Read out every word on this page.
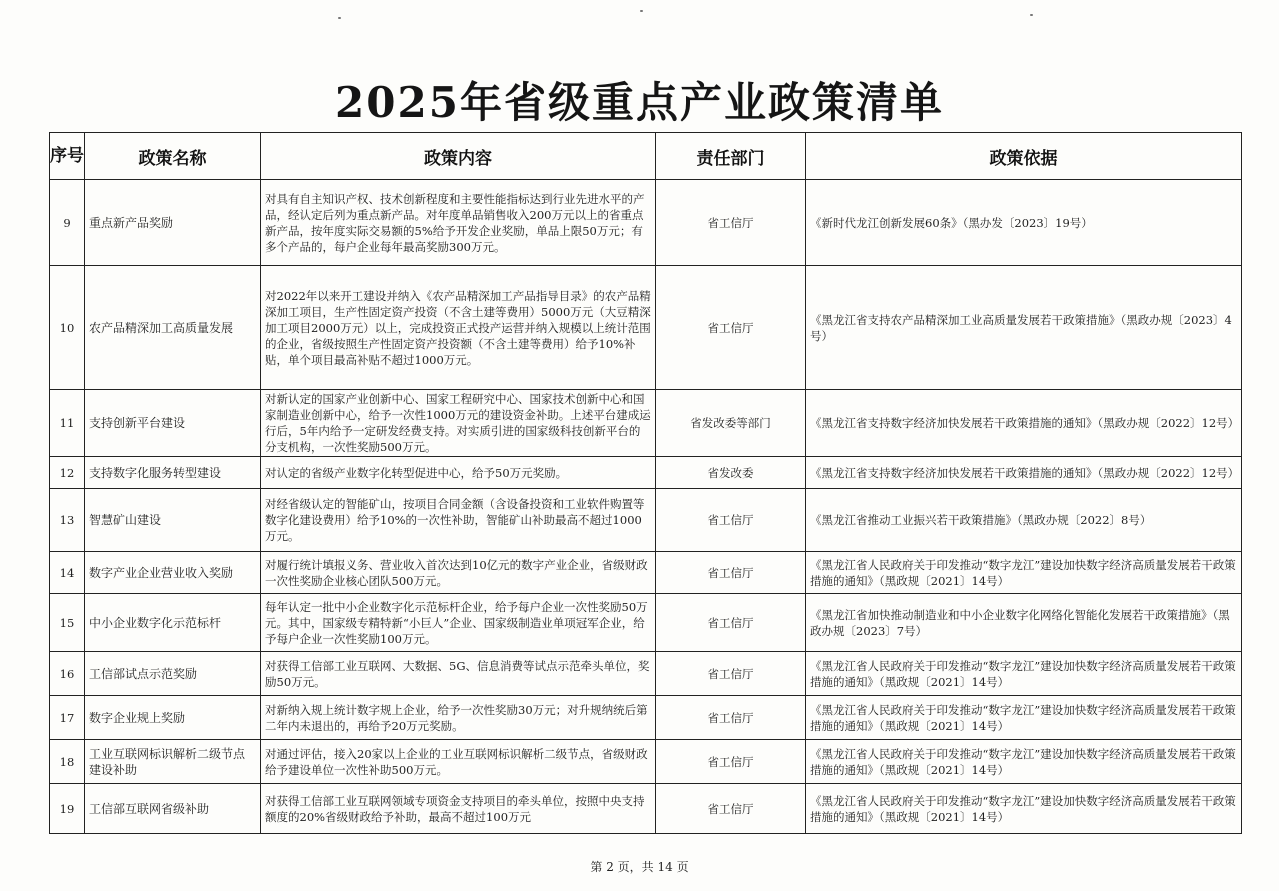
2025年省级重点产业政策清单
序号	政策名称	政策内容	责任部门	政策依据
9	重点新产品奖励	对具有自主知识产权、技术创新程度和主要性能指标达到行业先进水平的产品，经认定后列为重点新产品。对年度单品销售收入200万元以上的省重点新产品，按年度实际交易额的5%给予开发企业奖励，单品上限50万元；有多个产品的，每户企业每年最高奖励300万元。	省工信厅	《新时代龙江创新发展60条》（黑办发〔2023〕19号）
10	农产品精深加工高质量发展	对2022年以来开工建设并纳入《农产品精深加工产品指导目录》的农产品精深加工项目，生产性固定资产投资（不含土建等费用）5000万元（大豆精深加工项目2000万元）以上，完成投资正式投产运营并纳入规模以上统计范围的企业，省级按照生产性固定资产投资额（不含土建等费用）给予10%补贴，单个项目最高补贴不超过1000万元。	省工信厅	《黑龙江省支持农产品精深加工业高质量发展若干政策措施》（黑政办规〔2023〕4号）
11	支持创新平台建设	对新认定的国家产业创新中心、国家工程研究中心、国家技术创新中心和国家制造业创新中心，给予一次性1000万元的建设资金补助。上述平台建成运行后，5年内给予一定研发经费支持。对实质引进的国家级科技创新平台的分支机构，一次性奖励500万元。	省发改委等部门	《黑龙江省支持数字经济加快发展若干政策措施的通知》（黑政办规〔2022〕12号）
12	支持数字化服务转型建设	对认定的省级产业数字化转型促进中心，给予50万元奖励。	省发改委	《黑龙江省支持数字经济加快发展若干政策措施的通知》（黑政办规〔2022〕12号）
13	智慧矿山建设	对经省级认定的智能矿山，按项目合同金额（含设备投资和工业软件购置等数字化建设费用）给予10%的一次性补助，智能矿山补助最高不超过1000万元。	省工信厅	《黑龙江省推动工业振兴若干政策措施》（黑政办规〔2022〕8号）
14	数字产业企业营业收入奖励	对履行统计填报义务、营业收入首次达到10亿元的数字产业企业，省级财政一次性奖励企业核心团队500万元。	省工信厅	《黑龙江省人民政府关于印发推动“数字龙江”建设加快数字经济高质量发展若干政策措施的通知》（黑政规〔2021〕14号）
15	中小企业数字化示范标杆	每年认定一批中小企业数字化示范标杆企业，给予每户企业一次性奖励50万元。其中，国家级专精特新“小巨人”企业、国家级制造业单项冠军企业，给予每户企业一次性奖励100万元。	省工信厅	《黑龙江省加快推动制造业和中小企业数字化网络化智能化发展若干政策措施》（黑政办规〔2023〕7号）
16	工信部试点示范奖励	对获得工信部工业互联网、大数据、5G、信息消费等试点示范牵头单位，奖励50万元。	省工信厅	《黑龙江省人民政府关于印发推动“数字龙江”建设加快数字经济高质量发展若干政策措施的通知》（黑政规〔2021〕14号）
17	数字企业规上奖励	对新纳入规上统计数字规上企业，给予一次性奖励30万元；对升规纳统后第二年内未退出的，再给予20万元奖励。	省工信厅	《黑龙江省人民政府关于印发推动“数字龙江”建设加快数字经济高质量发展若干政策措施的通知》（黑政规〔2021〕14号）
18	工业互联网标识解析二级节点建设补助	对通过评估，接入20家以上企业的工业互联网标识解析二级节点，省级财政给予建设单位一次性补助500万元。	省工信厅	《黑龙江省人民政府关于印发推动“数字龙江”建设加快数字经济高质量发展若干政策措施的通知》（黑政规〔2021〕14号）
19	工信部互联网省级补助	对获得工信部工业互联网领域专项资金支持项目的牵头单位，按照中央支持额度的20%省级财政给予补助，最高不超过100万元	省工信厅	《黑龙江省人民政府关于印发推动“数字龙江”建设加快数字经济高质量发展若干政策措施的通知》（黑政规〔2021〕14号）
第 2 页，共 14 页
